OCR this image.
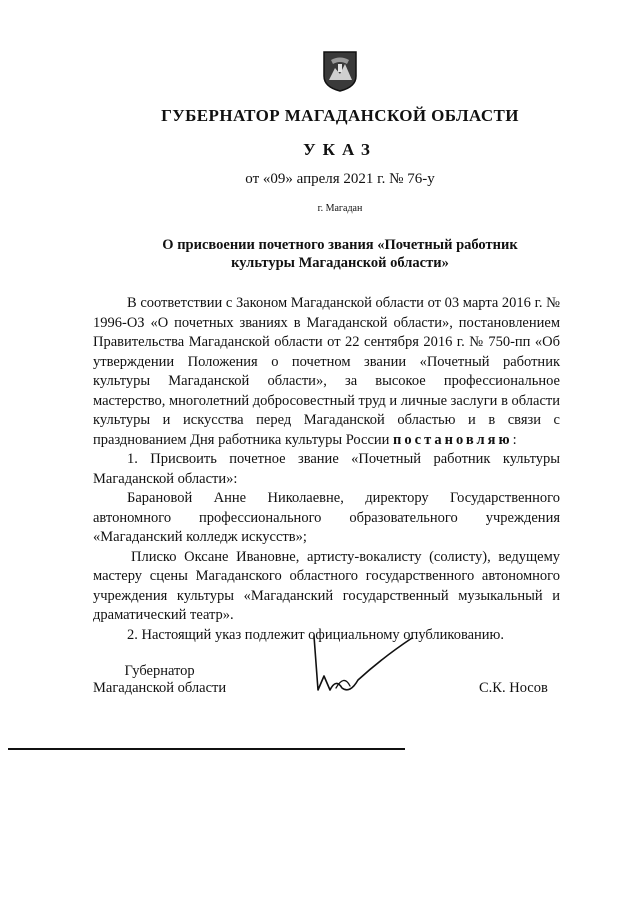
ГУБЕРНАТОР МАГАДАНСКОЙ ОБЛАСТИ
УКАЗ
от «09» апреля 2021 г. № 76-у
г. Магадан
О присвоении почетного звания «Почетный работник
культуры Магаданской области»

В соответствии с Законом Магаданской области от 03 марта 2016 г. № 1996-ОЗ «О почетных званиях в Магаданской области», постановлением Правительства Магаданской области от 22 сентября 2016 г. № 750-пп «Об утверждении Положения о почетном звании «Почетный работник культуры Магаданской области», за высокое профессиональное мастерство, многолетний добросовестный труд и личные заслуги в области культуры и искусства перед Магаданской областью и в связи с празднованием Дня работника культуры России постановляю:

1. Присвоить почетное звание «Почетный работник культуры Магаданской области»:

Барановой Анне Николаевне, директору Государственного автономного профессионального образовательного учреждения «Магаданский колледж искусств»;

Плиско Оксане Ивановне, артисту-вокалисту (солисту), ведущему мастеру сцены Магаданского областного государственного автономного учреждения культуры «Магаданский государственный музыкальный и драматический театр».

2. Настоящий указ подлежит официальному опубликованию.

Губернатор
Магаданской области	С.К. Носов
